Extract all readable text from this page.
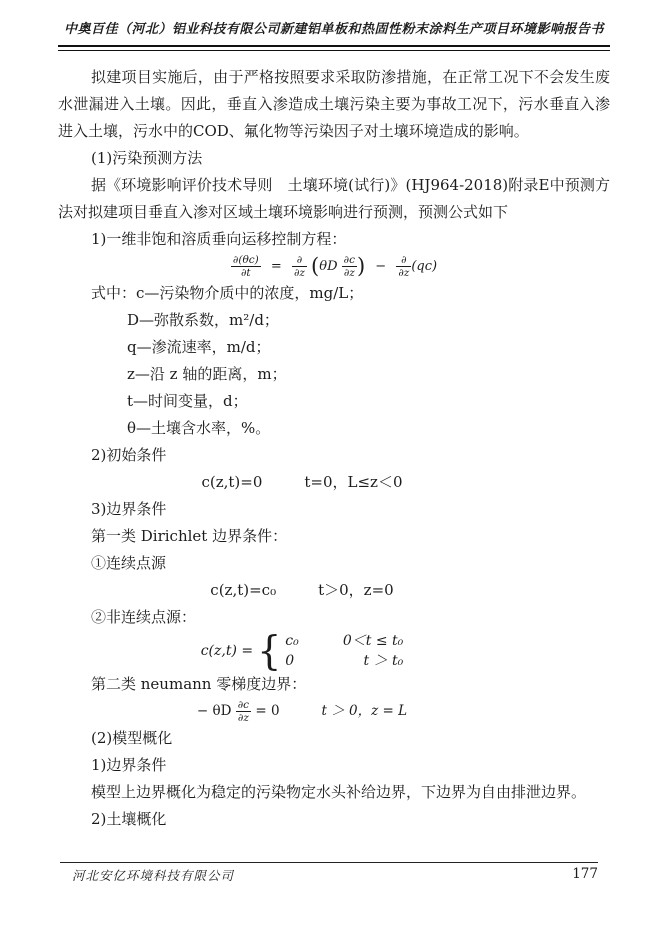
中奥百佳（河北）铝业科技有限公司新建铝单板和热固性粉末涂料生产项目环境影响报告书

拟建项目实施后，由于严格按照要求采取防渗措施，在正常工况下不会发生废水泄漏进入土壤。因此，垂直入渗造成土壤污染主要为事故工况下，污水垂直入渗进入土壤，污水中的COD、氟化物等污染因子对土壤环境造成的影响。

(1)污染预测方法

据《环境影响评价技术导则　土壤环境(试行)》(HJ964-2018)附录E中预测方法对拟建项目垂直入渗对区域土壤环境影响进行预测，预测公式如下

1)一维非饱和溶质垂向运移控制方程：

$\frac{\partial(\theta c)}{\partial t} = \frac{\partial}{\partial z} (\theta D \frac{\partial c}{\partial z}$ ) − $\frac{\partial}{\partial z} (qc)$

式中：c—污染物介质中的浓度，mg/L；

D—弥散系数，m²/d；

q—渗流速率，m/d；

z—沿 z 轴的距离，m；

t—时间变量，d；

θ—土壤含水率，%。

2)初始条件

c(z,t)=0	t=0，L≤z＜0

3)边界条件

第一类 Dirichlet 边界条件：

①连续点源

c(z,t)=c₀	t＞0，z=0

②非连续点源：

c(z,t) = { c₀	0＜t ≤ t₀
0	t ＞ t₀

第二类 neumann 零梯度边界：

− θD $\frac{\partial c}{\partial z} = 0$	t ＞ 0，z = L

(2)模型概化

1)边界条件

模型上边界概化为稳定的污染物定水头补给边界，下边界为自由排泄边界。

2)土壤概化

河北安亿环境科技有限公司	177
